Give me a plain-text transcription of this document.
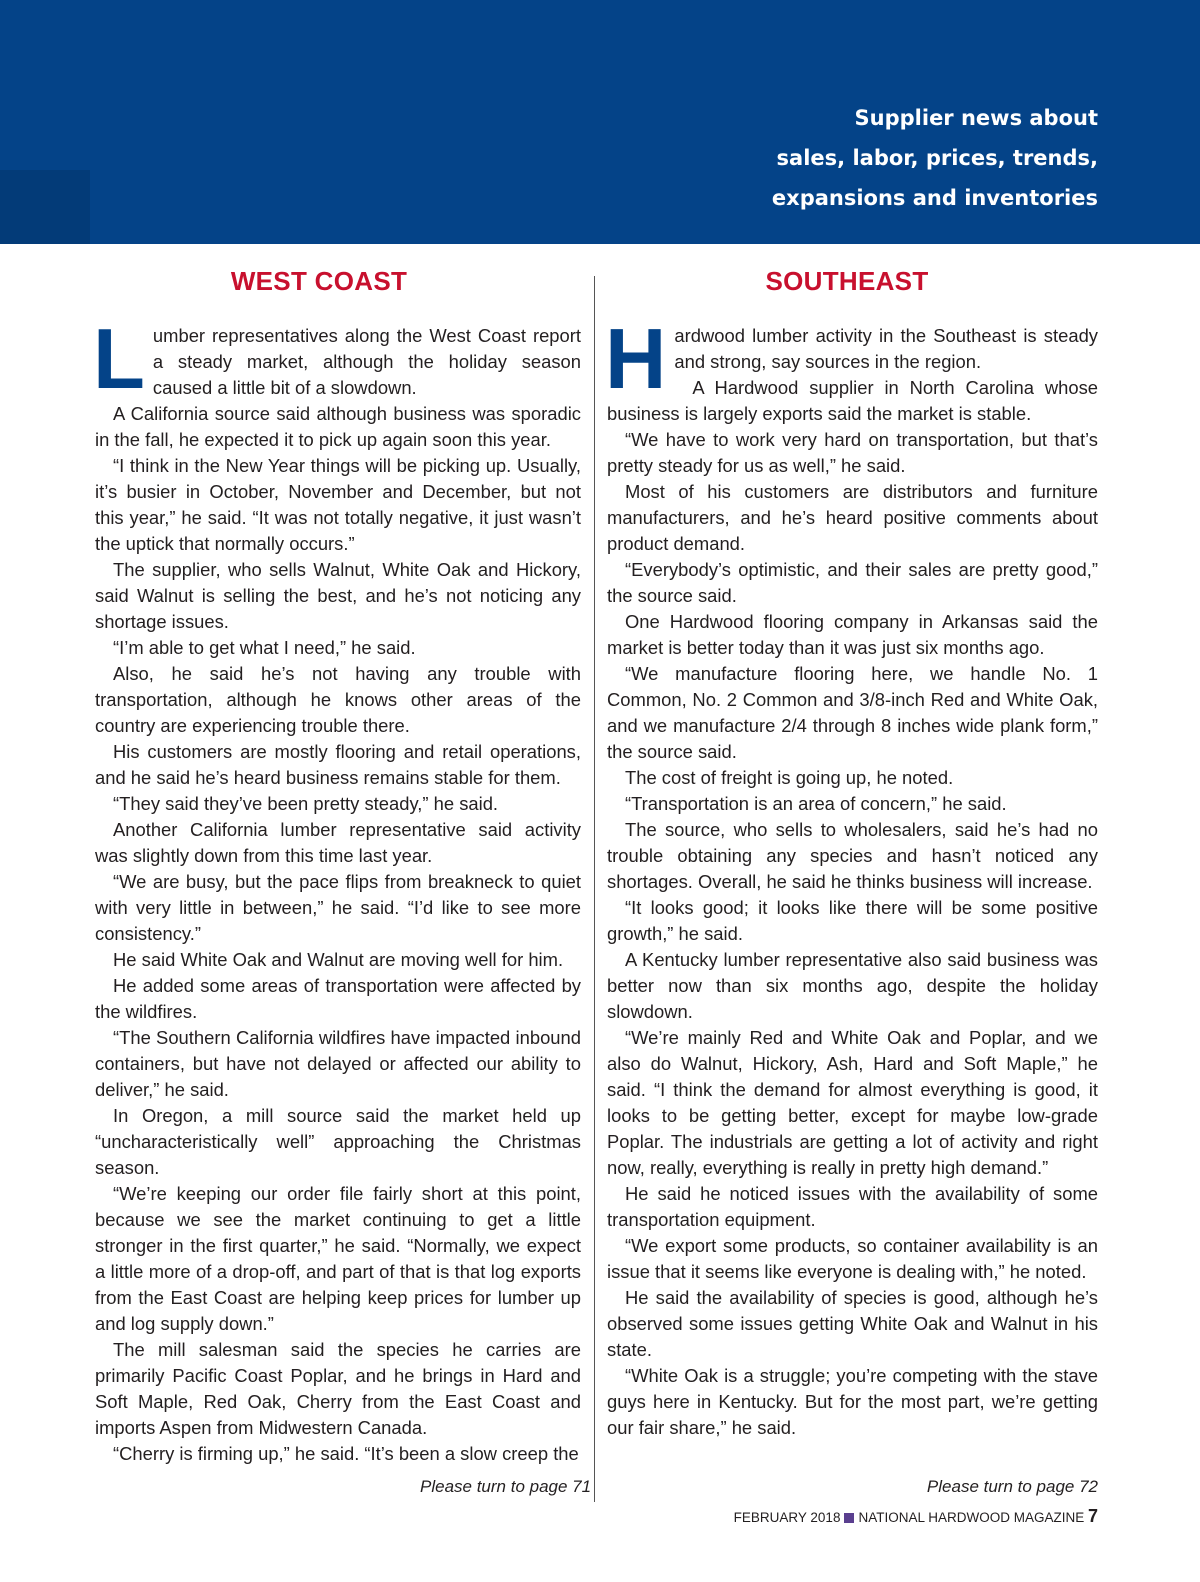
Supplier news about
sales, labor, prices, trends,
expansions and inventories
WEST COAST	SOUTHEAST

Lumber representatives along the West Coast report a steady market, although the holiday season caused a little bit of a slowdown.

A California source said although business was sporadic in the fall, he expected it to pick up again soon this year.

“I think in the New Year things will be picking up. Usually, it’s busier in October, November and December, but not this year,” he said. “It was not totally negative, it just wasn’t the uptick that normally occurs.”

The supplier, who sells Walnut, White Oak and Hickory, said Walnut is selling the best, and he’s not noticing any shortage issues.

“I’m able to get what I need,” he said.

Also, he said he’s not having any trouble with transportation, although he knows other areas of the country are experiencing trouble there.

His customers are mostly flooring and retail operations, and he said he’s heard business remains stable for them.

“They said they’ve been pretty steady,” he said.

Another California lumber representative said activity was slightly down from this time last year.

“We are busy, but the pace flips from breakneck to quiet with very little in between,” he said. “I’d like to see more consistency.”

He said White Oak and Walnut are moving well for him.

He added some areas of transportation were affected by the wildfires.

“The Southern California wildfires have impacted inbound containers, but have not delayed or affected our ability to deliver,” he said.

In Oregon, a mill source said the market held up “uncharacteristically well” approaching the Christmas season.

“We’re keeping our order file fairly short at this point, because we see the market continuing to get a little stronger in the first quarter,” he said. “Normally, we expect a little more of a drop-off, and part of that is that log exports from the East Coast are helping keep prices for lumber up and log supply down.”

The mill salesman said the species he carries are primarily Pacific Coast Poplar, and he brings in Hard and Soft Maple, Red Oak, Cherry from the East Coast and imports Aspen from Midwestern Canada.

“Cherry is firming up,” he said. “It’s been a slow creep the

Hardwood lumber activity in the Southeast is steady and strong, say sources in the region.

A Hardwood supplier in North Carolina whose business is largely exports said the market is stable.

“We have to work very hard on transportation, but that’s pretty steady for us as well,” he said.

Most of his customers are distributors and furniture manufacturers, and he’s heard positive comments about product demand.

“Everybody’s optimistic, and their sales are pretty good,” the source said.

One Hardwood flooring company in Arkansas said the market is better today than it was just six months ago.

“We manufacture flooring here, we handle No. 1 Common, No. 2 Common and 3/8-inch Red and White Oak, and we manufacture 2/4 through 8 inches wide plank form,” the source said.

The cost of freight is going up, he noted.

“Transportation is an area of concern,” he said.

The source, who sells to wholesalers, said he’s had no trouble obtaining any species and hasn’t noticed any shortages. Overall, he said he thinks business will increase.

“It looks good; it looks like there will be some positive growth,” he said.

A Kentucky lumber representative also said business was better now than six months ago, despite the holiday slowdown.

“We’re mainly Red and White Oak and Poplar, and we also do Walnut, Hickory, Ash, Hard and Soft Maple,” he said. “I think the demand for almost everything is good, it looks to be getting better, except for maybe low-grade Poplar. The industrials are getting a lot of activity and right now, really, everything is really in pretty high demand.”

He said he noticed issues with the availability of some transportation equipment.

“We export some products, so container availability is an issue that it seems like everyone is dealing with,” he noted.

He said the availability of species is good, although he’s observed some issues getting White Oak and Walnut in his state.

“White Oak is a struggle; you’re competing with the stave guys here in Kentucky. But for the most part, we’re getting our fair share,” he said.

Please turn to page 71	Please turn to page 72
FEBRUARY 2018 NATIONAL HARDWOOD MAGAZINE 7
